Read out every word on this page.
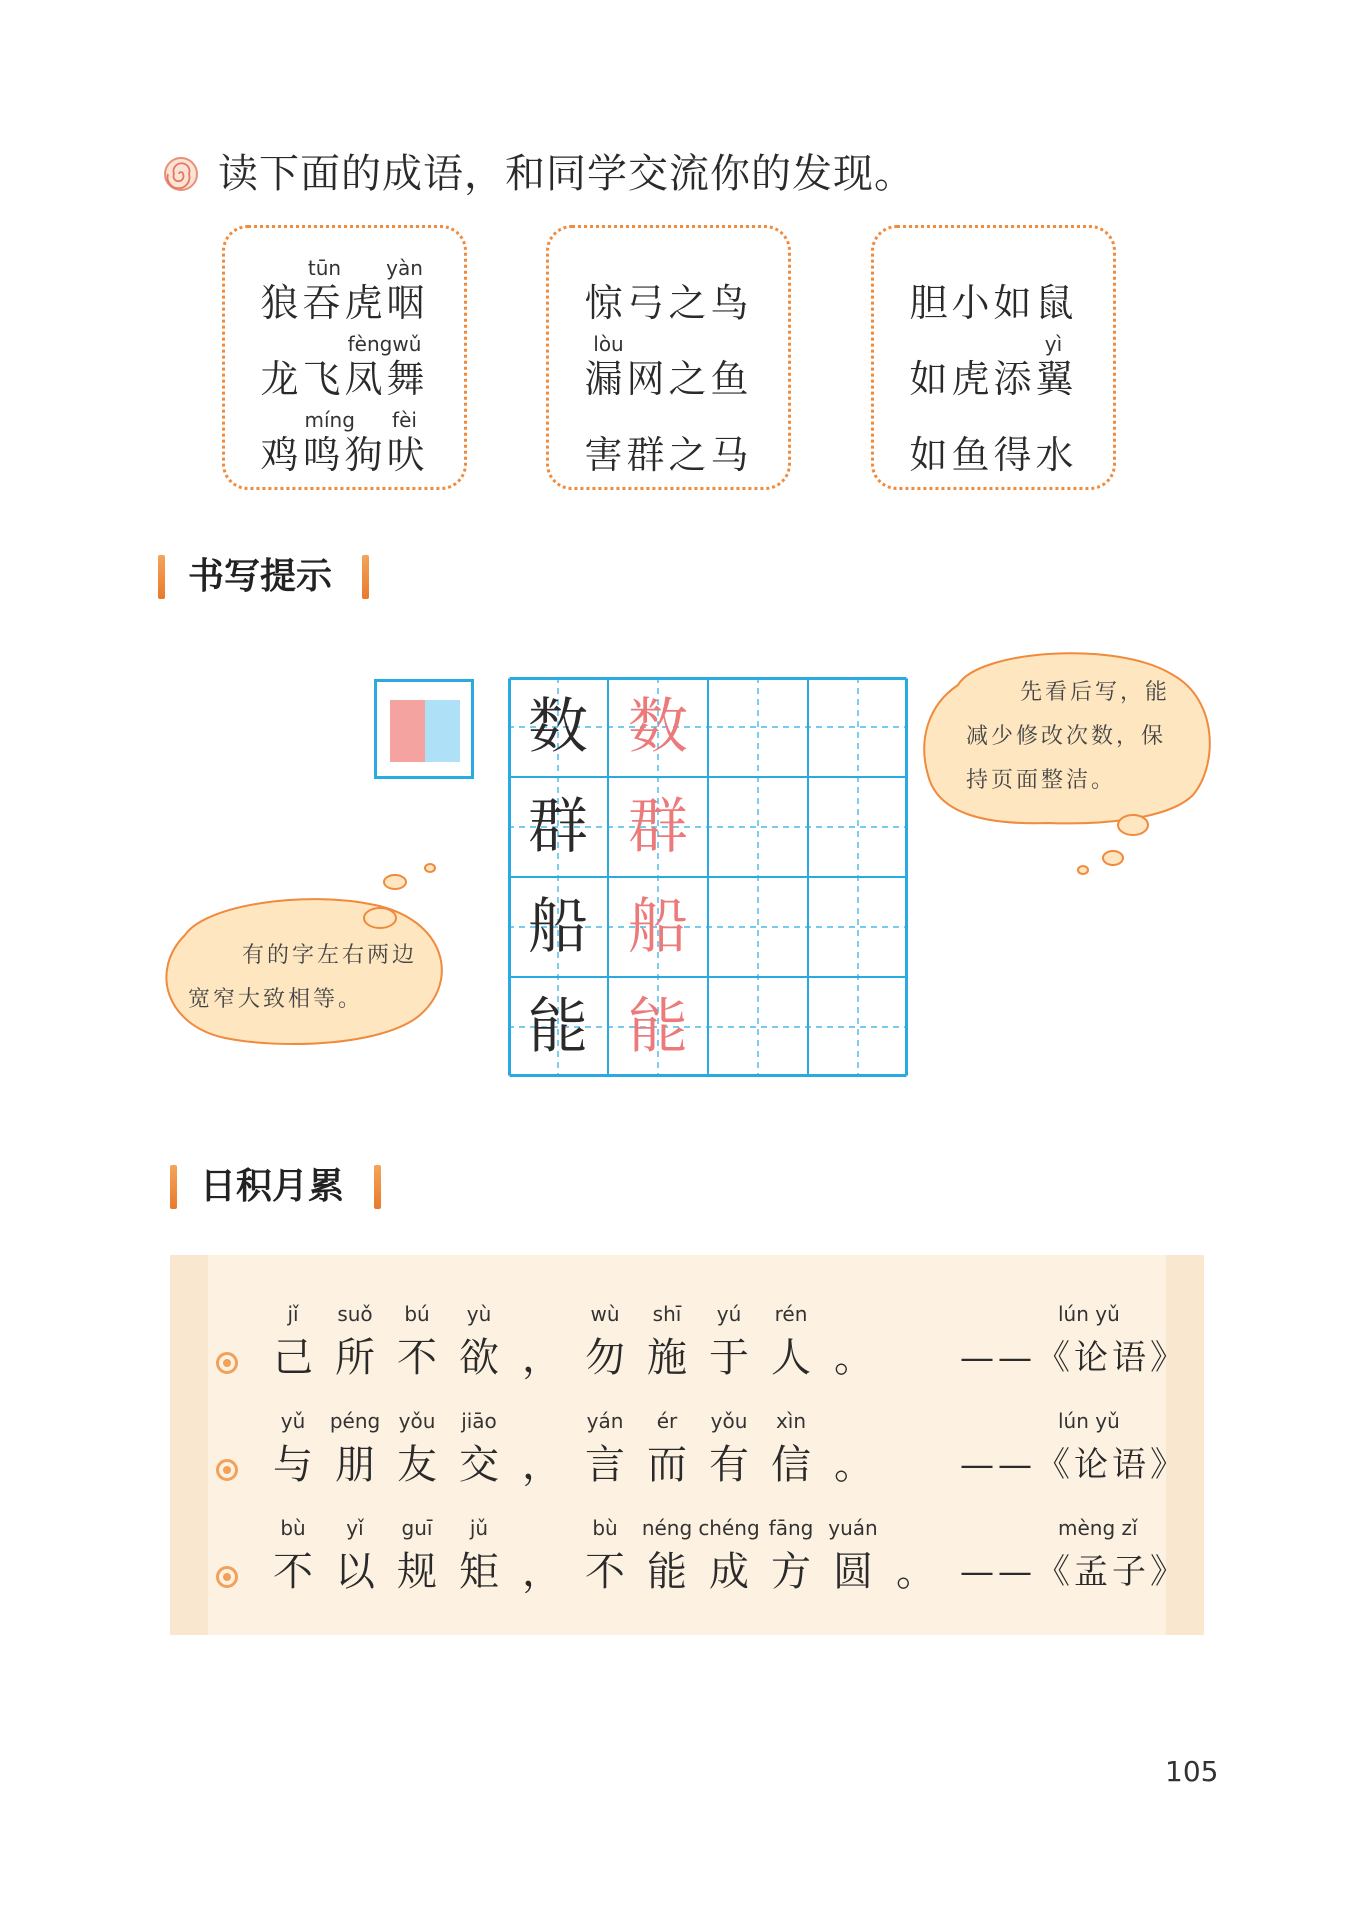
读下面的成语，和同学交流你的发现。
狼吞虎咽
tūn yàn
龙飞凤舞
fèngwǔ
鸡鸣狗吠
míng	fèi
惊弓之鸟
漏网之鱼
lòu
害群之马
胆小如鼠
如虎添翼
yì
如鱼得水
书写提示
数 数
群 群
船 船
能 能
先看后写，能
减少修改次数，保
持页面整洁。
有的字左右两边
宽窄大致相等。
日积月累
jǐ
己
suǒ
所
bú
不
yù
欲 ，
wù
勿
shī
施
yú
于
rén
人 。
lún yǔ
——《论语》
yǔ
与
péng
朋
yǒu
友
jiāo
交 ，
yán
言
ér
而
yǒu
有
xìn
信 。
lún yǔ
——《论语》
bù
不
yǐ
以
guī
规
jǔ
矩 ，
bù
不
néng
能
chéng
成
fāng
方
yuán
圆 。
mèng zǐ
——《孟子》
105
